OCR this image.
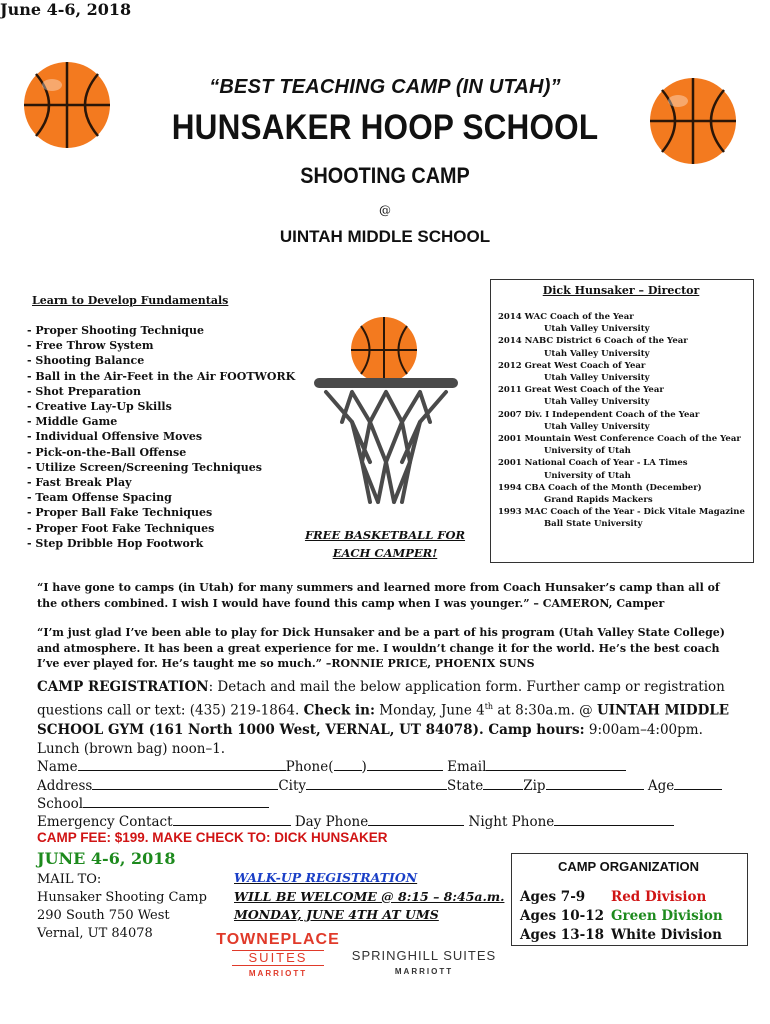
“BEST TEACHING CAMP (IN UTAH)”
HUNSAKER HOOP SCHOOL
SHOOTING CAMP
@
UINTAH MIDDLE SCHOOL
June 4-6, 2018
Learn to Develop Fundamentals
- Proper Shooting Technique
- Free Throw System
- Shooting Balance
- Ball in the Air-Feet in the Air FOOTWORK
- Shot Preparation
- Creative Lay-Up Skills
- Middle Game
- Individual Offensive Moves
- Pick-on-the-Ball Offense
- Utilize Screen/Screening Techniques
- Fast Break Play
- Team Offense Spacing
- Proper Ball Fake Techniques
- Proper Foot Fake Techniques
- Step Dribble Hop Footwork
FREE BASKETBALL FOR
EACH CAMPER!
Dick Hunsaker – Director
2014 WAC Coach of the Year
Utah Valley University
2014 NABC District 6 Coach of the Year
Utah Valley University
2012 Great West Coach of Year
Utah Valley University
2011 Great West Coach of the Year
Utah Valley University
2007 Div. I Independent Coach of the Year
Utah Valley University
2001 Mountain West Conference Coach of the Year
University of Utah
2001 National Coach of Year - LA Times
University of Utah
1994 CBA Coach of the Month (December)
Grand Rapids Mackers
1993 MAC Coach of the Year - Dick Vitale Magazine
Ball State University
“I have gone to camps (in Utah) for many summers and learned more from Coach Hunsaker’s camp than all of the others combined. I wish I would have found this camp when I was younger.” – CAMERON, Camper
“I’m just glad I’ve been able to play for Dick Hunsaker and be a part of his program (Utah Valley State College) and atmosphere. It has been a great experience for me. I wouldn’t change it for the world. He’s the best coach I’ve ever played for. He’s taught me so much.” –RONNIE PRICE, PHOENIX SUNS
CAMP REGISTRATION: Detach and mail the below application form. Further camp or registration questions call or text: (435) 219-1864. Check in: Monday, June 4th at 8:30a.m. @ UINTAH MIDDLE SCHOOL GYM (161 North 1000 West, VERNAL, UT 84078). Camp hours: 9:00am–4:00pm. Lunch (brown bag) noon–1.
Name	Phone( )	Email
Address	City	State	Zip	Age
School
Emergency Contact	Day Phone	Night Phone
CAMP FEE: $199. MAKE CHECK TO: DICK HUNSAKER
JUNE 4-6, 2018
MAIL TO:
Hunsaker Shooting Camp
290 South 750 West
Vernal, UT 84078
WALK-UP REGISTRATION
WILL BE WELCOME @ 8:15 – 8:45a.m.
MONDAY, JUNE 4TH AT UMS
TOWNEPLACE
SUITES
MARRIOTT
SPRINGHILL SUITES
MARRIOTT
CAMP ORGANIZATION
Ages 7-9 Red Division
Ages 10-12 Green Division
Ages 13-18 White Division
